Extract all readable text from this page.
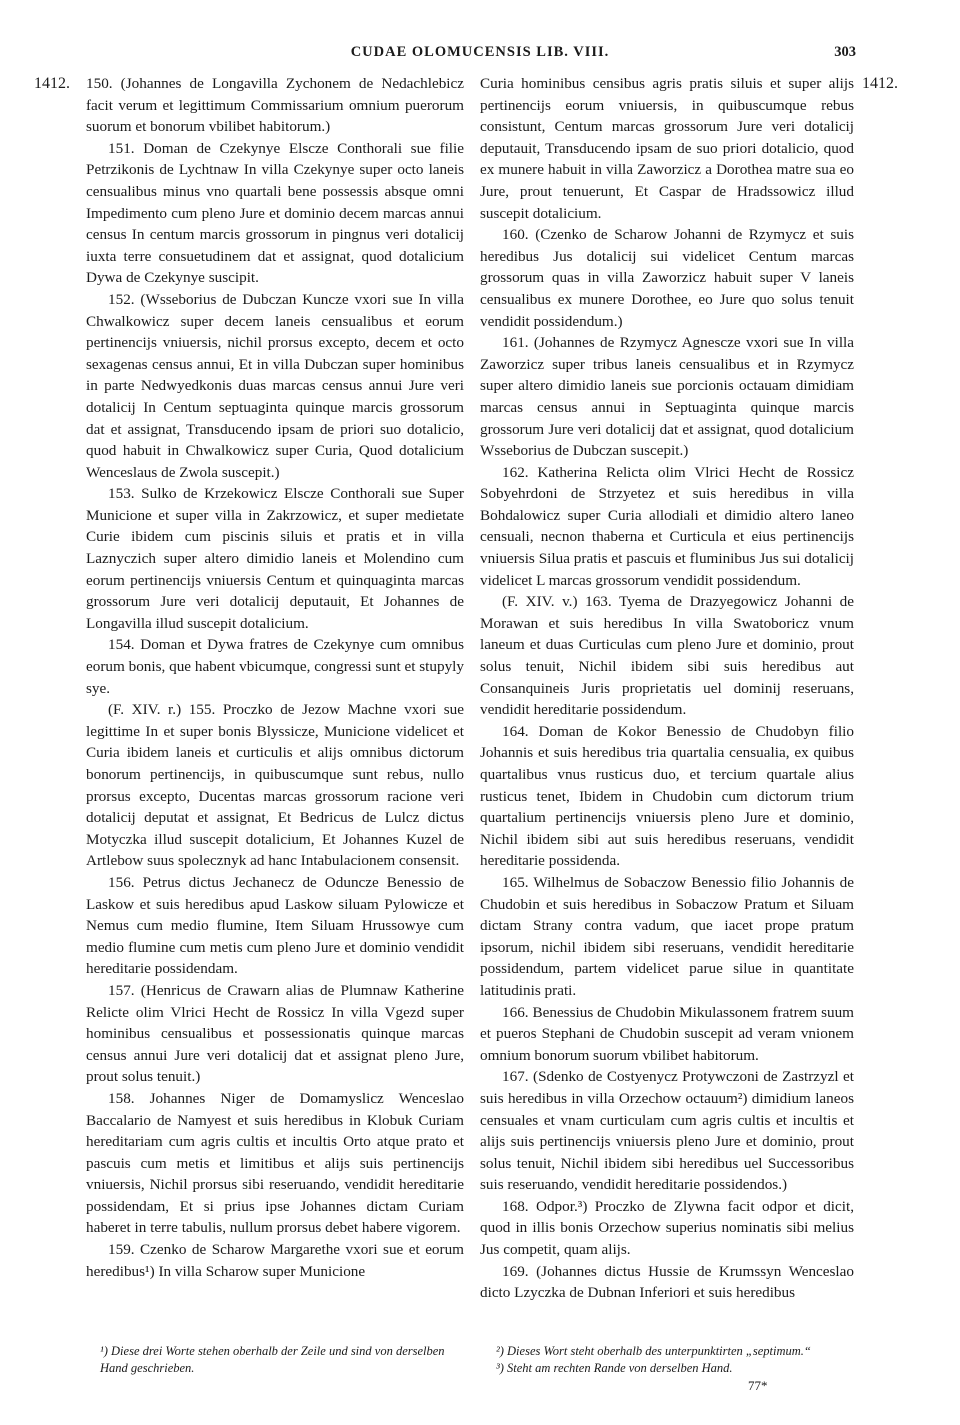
CUDAE OLOMUCENSIS LIB. VIII.	303
1412.	1412.

150. (Johannes de Longavilla Zychonem de Nedachlebicz facit verum et legittimum Commissarium omnium puerorum suorum et bonorum vbilibet habitorum.)

151. Doman de Czekynye Elscze Conthorali sue filie Petrzikonis de Lychtnaw In villa Czekynye super octo laneis censualibus minus vno quartali bene possessis absque omni Impedimento cum pleno Jure et dominio decem marcas annui census In centum marcis grossorum in pingnus veri dotalicij iuxta terre consuetudinem dat et assignat, quod dotalicium Dywa de Czekynye suscipit.

152. (Wsseborius de Dubczan Kuncze vxori sue In villa Chwalkowicz super decem laneis censualibus et eorum pertinencijs vniuersis, nichil prorsus excepto, decem et octo sexagenas census annui, Et in villa Dubczan super hominibus in parte Nedwyedkonis duas marcas census annui Jure veri dotalicij In Centum septuaginta quinque marcis grossorum dat et assignat, Transducendo ipsam de priori suo dotalicio, quod habuit in Chwalkowicz super Curia, Quod dotalicium Wenceslaus de Zwola suscepit.)

153. Sulko de Krzekowicz Elscze Conthorali sue Super Municione et super villa in Zakrzowicz, et super medietate Curie ibidem cum piscinis siluis et pratis et in villa Laznyczich super altero dimidio laneis et Molendino cum eorum pertinencijs vniuersis Centum et quinquaginta marcas grossorum Jure veri dotalicij deputauit, Et Johannes de Longavilla illud suscepit dotalicium.

154. Doman et Dywa fratres de Czekynye cum omnibus eorum bonis, que habent vbicumque, congressi sunt et stupyly sye.

(F. XIV. r.) 155. Proczko de Jezow Machne vxori sue legittime In et super bonis Blyssicze, Municione videlicet et Curia ibidem laneis et curticulis et alijs omnibus dictorum bonorum pertinencijs, in quibuscumque sunt rebus, nullo prorsus excepto, Ducentas marcas grossorum racione veri dotalicij deputat et assignat, Et Bedricus de Lulcz dictus Motyczka illud suscepit dotalicium, Et Johannes Kuzel de Artlebow suus spolecznyk ad hanc Intabulacionem consensit.

156. Petrus dictus Jechanecz de Oduncze Benessio de Laskow et suis heredibus apud Laskow siluam Pylowicze et Nemus cum medio flumine, Item Siluam Hrussowye cum medio flumine cum metis cum pleno Jure et dominio vendidit hereditarie possidendam.

157. (Henricus de Crawarn alias de Plumnaw Katherine Relicte olim Vlrici Hecht de Rossicz In villa Vgezd super hominibus censualibus et possessionatis quinque marcas census annui Jure veri dotalicij dat et assignat pleno Jure, prout solus tenuit.)

158. Johannes Niger de Domamyslicz Wenceslao Baccalario de Namyest et suis heredibus in Klobuk Curiam hereditariam cum agris cultis et incultis Orto atque prato et pascuis cum metis et limitibus et alijs suis pertinencijs vniuersis, Nichil prorsus sibi reseruando, vendidit hereditarie possidendam, Et si prius ipse Johannes dictam Curiam haberet in terre tabulis, nullum prorsus debet habere vigorem.

159. Czenko de Scharow Margarethe vxori sue et eorum heredibus¹) In villa Scharow super Municione

Curia hominibus censibus agris pratis siluis et super alijs pertinencijs eorum vniuersis, in quibuscumque rebus consistunt, Centum marcas grossorum Jure veri dotalicij deputauit, Transducendo ipsam de suo priori dotalicio, quod ex munere habuit in villa Zaworzicz a Dorothea matre sua eo Jure, prout tenuerunt, Et Caspar de Hradssowicz illud suscepit dotalicium.

160. (Czenko de Scharow Johanni de Rzymycz et suis heredibus Jus dotalicij sui videlicet Centum marcas grossorum quas in villa Zaworzicz habuit super V laneis censualibus ex munere Dorothee, eo Jure quo solus tenuit vendidit possidendum.)

161. (Johannes de Rzymycz Agnescze vxori sue In villa Zaworzicz super tribus laneis censualibus et in Rzymycz super altero dimidio laneis sue porcionis octauam dimidiam marcas census annui in Septuaginta quinque marcis grossorum Jure veri dotalicij dat et assignat, quod dotalicium Wsseborius de Dubczan suscepit.)

162. Katherina Relicta olim Vlrici Hecht de Rossicz Sobyehrdoni de Strzyetez et suis heredibus in villa Bohdalowicz super Curia allodiali et dimidio altero laneo censuali, necnon thaberna et Curticula et eius pertinencijs vniuersis Silua pratis et pascuis et fluminibus Jus sui dotalicij videlicet L marcas grossorum vendidit possidendum.

(F. XIV. v.) 163. Tyema de Drazyegowicz Johanni de Morawan et suis heredibus In villa Swatoboricz vnum laneum et duas Curticulas cum pleno Jure et dominio, prout solus tenuit, Nichil ibidem sibi suis heredibus aut Consanquineis Juris proprietatis uel dominij reseruans, vendidit hereditarie possidendum.

164. Doman de Kokor Benessio de Chudobyn filio Johannis et suis heredibus tria quartalia censualia, ex quibus quartalibus vnus rusticus duo, et tercium quartale alius rusticus tenet, Ibidem in Chudobin cum dictorum trium quartalium pertinencijs vniuersis pleno Jure et dominio, Nichil ibidem sibi aut suis heredibus reseruans, vendidit hereditarie possidenda.

165. Wilhelmus de Sobaczow Benessio filio Johannis de Chudobin et suis heredibus in Sobaczow Pratum et Siluam dictam Strany contra vadum, que iacet prope pratum ipsorum, nichil ibidem sibi reseruans, vendidit hereditarie possidendum, partem videlicet parue silue in quantitate latitudinis prati.

166. Benessius de Chudobin Mikulassonem fratrem suum et pueros Stephani de Chudobin suscepit ad veram vnionem omnium bonorum suorum vbilibet habitorum.

167. (Sdenko de Costyenycz Protywczoni de Zastrzyzl et suis heredibus in villa Orzechow octauum²) dimidium laneos censuales et vnam curticulam cum agris cultis et incultis et alijs suis pertinencijs vniuersis pleno Jure et dominio, prout solus tenuit, Nichil ibidem sibi heredibus uel Successoribus suis reseruando, vendidit hereditarie possidendos.)

168. Odpor.³) Proczko de Zlywna facit odpor et dicit, quod in illis bonis Orzechow superius nominatis sibi melius Jus competit, quam alijs.

169. (Johannes dictus Hussie de Krumssyn Wenceslao dicto Lzyczka de Dubnan Inferiori et suis heredibus

¹) Diese drei Worte stehen oberhalb der Zeile und sind von derselben Hand geschrieben.

²) Dieses Wort steht oberhalb des unterpunktirten „septimum.“

³) Steht am rechten Rande von derselben Hand.

77*
